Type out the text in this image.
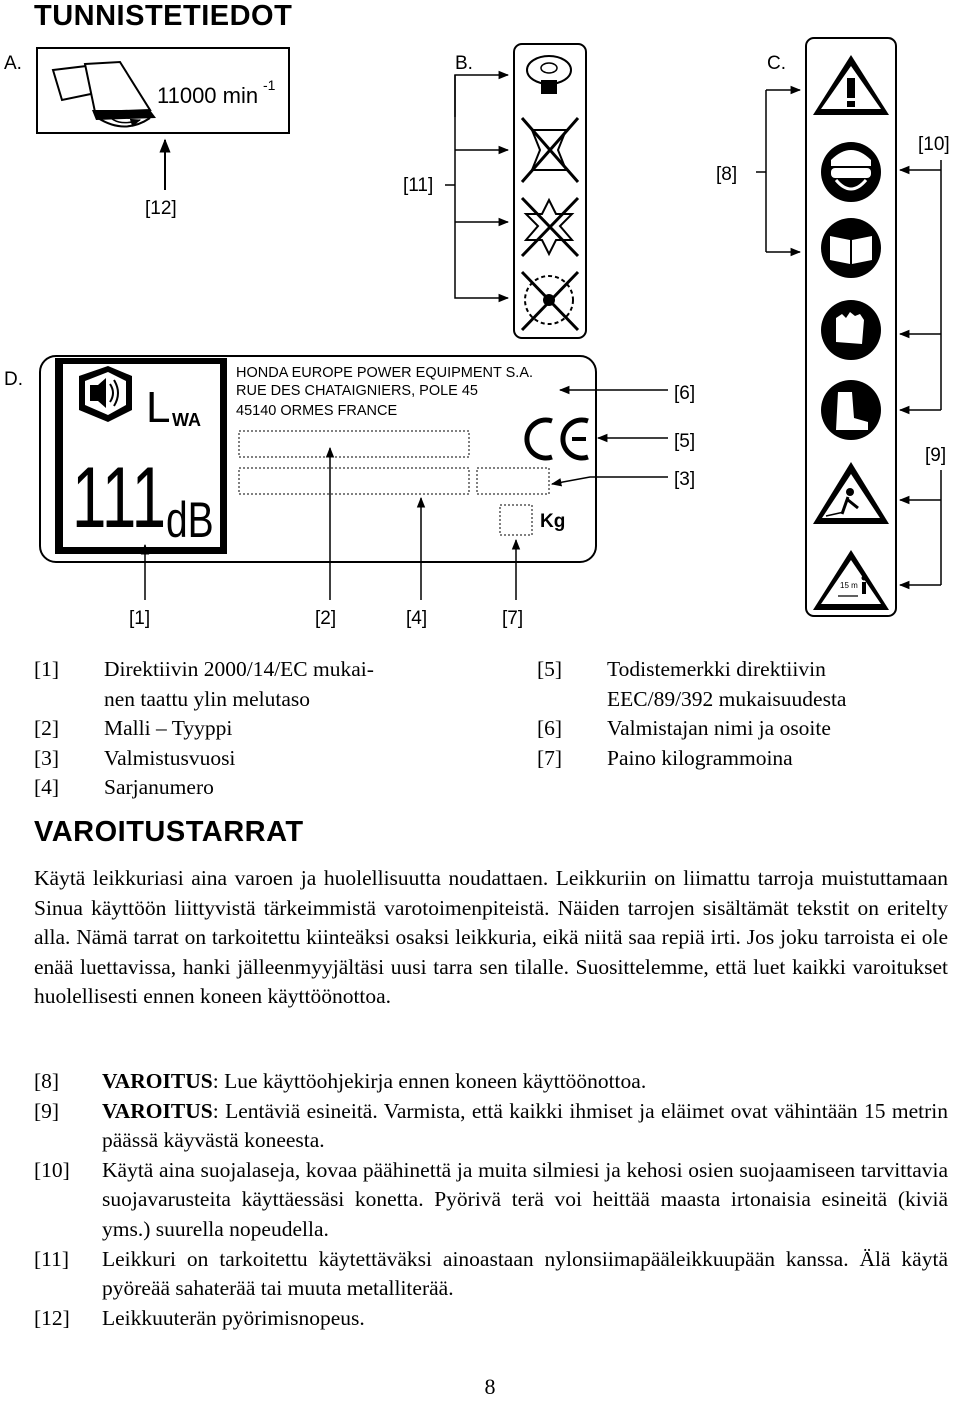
TUNNISTETIEDOT
A.	B.	C.
D.
11000 min -1
[12]
[11]
15 m
[8]
[10]
[9]
L WA
111 dB
HONDA EUROPE POWER EQUIPMENT S.A.
RUE DES CHATAIGNIERS, POLE 45
45140 ORMES FRANCE
Kg
[6]
[5]
[3]
[1]	[2]	[4]	[7]
[1]	Direktiivin 2000/14/EC mukai-
nen taattu ylin melutaso
[2]	Malli – Tyyppi
[3]	Valmistusvuosi
[4]	Sarjanumero
[5]	Todistemerkki direktiivin
EEC/89/392 mukaisuudesta
[6]	Valmistajan nimi ja osoite
[7]	Paino kilogrammoina
VAROITUSTARRAT
Käytä leikkuriasi aina varoen ja huolellisuutta noudattaen. Leikkuriin on liimattu tarroja muistuttamaan Sinua käyttöön liittyvistä tärkeimmistä varotoimenpiteistä. Näiden tarrojen sisältämät tekstit on eritelty alla. Nämä tarrat on tarkoitettu kiinteäksi osaksi leikkuria, eikä niitä saa repiä irti. Jos joku tarroista ei ole enää luettavissa, hanki jälleenmyyjältäsi uusi tarra sen tilalle. Suosittelemme, että luet kaikki varoitukset huolellisesti ennen koneen käyttöönottoa.
[8]	VAROITUS: Lue käyttöohjekirja ennen koneen käyttöönottoa.
[9]	VAROITUS: Lentäviä esineitä. Varmista, että kaikki ihmiset ja eläimet ovat vähintään 15 metrin päässä käyvästä koneesta.
[10]	Käytä aina suojalaseja, kovaa päähinettä ja muita silmiesi ja kehosi osien suojaamiseen tarvittavia suojavarusteita käyttäessäsi konetta. Pyörivä terä voi heittää maasta irtonaisia esineitä (kiviä yms.) suurella nopeudella.
[11]	Leikkuri on tarkoitettu käytettäväksi ainoastaan nylonsiimapääleikkuupään kanssa. Älä käytä pyöreää sahaterää tai muuta metalliterää.
[12]	Leikkuuterän pyörimisnopeus.
8
